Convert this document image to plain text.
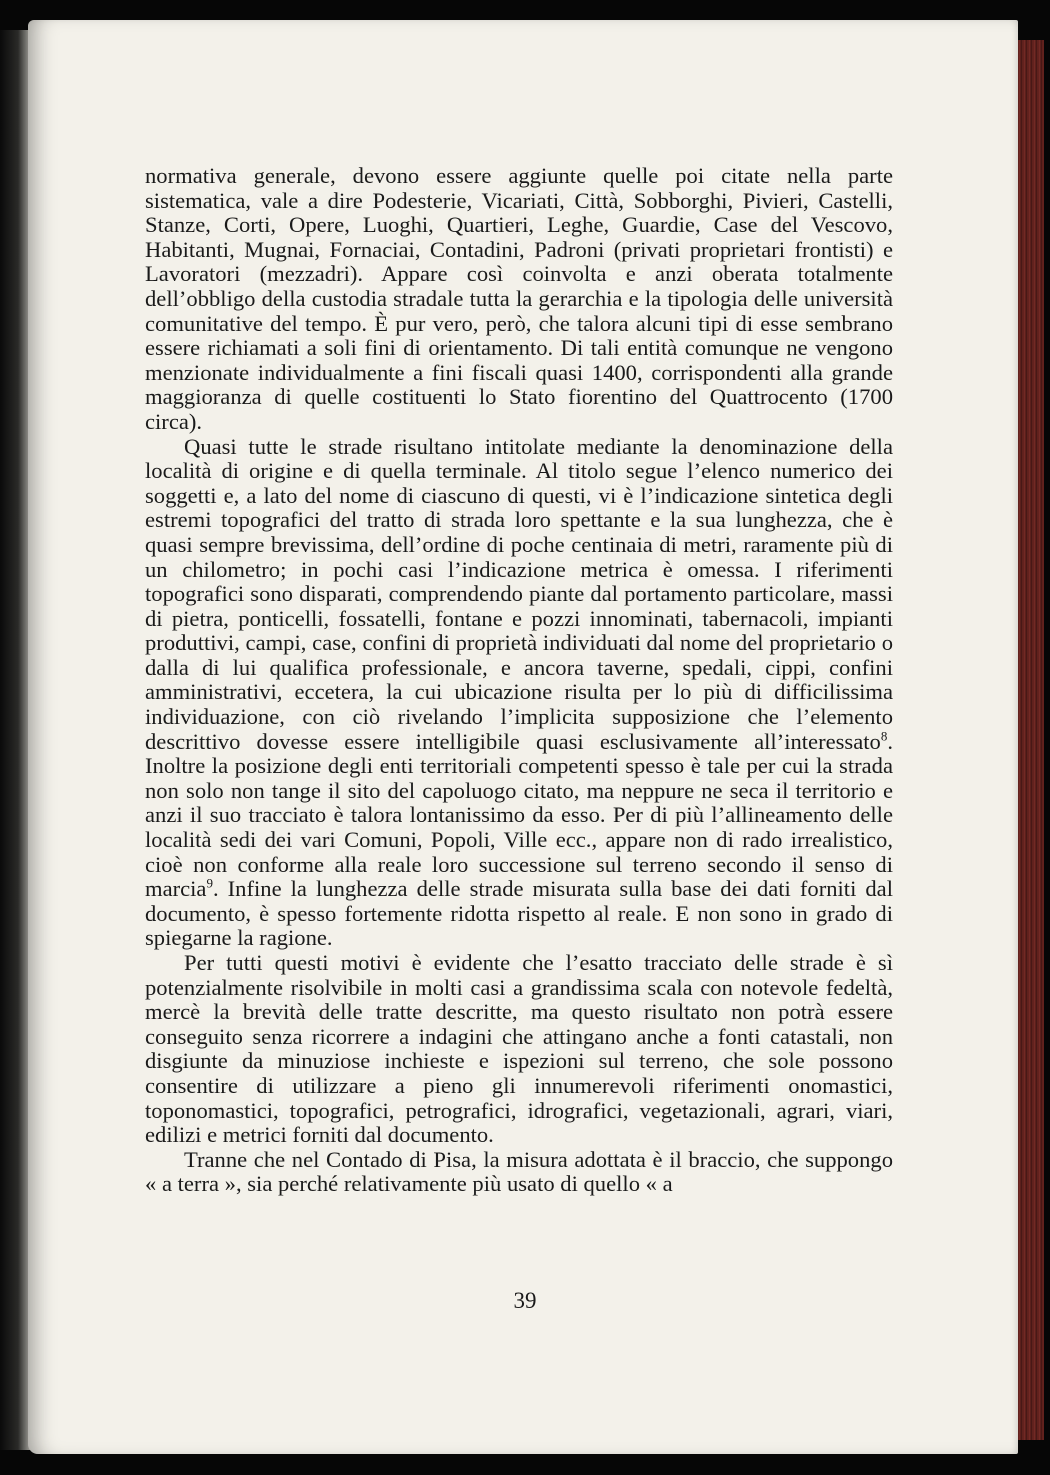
normativa generale, devono essere aggiunte quelle poi citate nella parte sistematica, vale a dire Podesterie, Vicariati, Città, Sobborghi, Pivieri, Castelli, Stanze, Corti, Opere, Luoghi, Quartieri, Leghe, Guardie, Case del Vescovo, Habitanti, Mugnai, Fornaciai, Contadini, Padroni (privati proprietari frontisti) e Lavoratori (mezzadri). Appare così coinvolta e anzi oberata totalmente dell’obbligo della custodia stradale tutta la gerarchia e la tipologia delle università comunitative del tempo. È pur vero, però, che talora alcuni tipi di esse sembrano essere richiamati a soli fini di orientamento. Di tali entità comunque ne vengono menzionate individualmente a fini fiscali quasi 1400, corrispondenti alla grande maggioranza di quelle costituenti lo Stato fiorentino del Quattrocento (1700 circa).

Quasi tutte le strade risultano intitolate mediante la denominazione della località di origine e di quella terminale. Al titolo segue l’elenco numerico dei soggetti e, a lato del nome di ciascuno di questi, vi è l’indicazione sintetica degli estremi topografici del tratto di strada loro spettante e la sua lunghezza, che è quasi sempre brevissima, dell’ordine di poche centinaia di metri, raramente più di un chilometro; in pochi casi l’indicazione metrica è omessa. I riferimenti topografici sono disparati, comprendendo piante dal portamento particolare, massi di pietra, ponticelli, fossatelli, fontane e pozzi innominati, tabernacoli, impianti produttivi, campi, case, confini di proprietà individuati dal nome del proprietario o dalla di lui qualifica professionale, e ancora taverne, spedali, cippi, confini amministrativi, eccetera, la cui ubicazione risulta per lo più di difficilissima individuazione, con ciò rivelando l’implicita supposizione che l’elemento descrittivo dovesse essere intelligibile quasi esclusivamente all’interessato$^8$. Inoltre la posizione degli enti territoriali competenti spesso è tale per cui la strada non solo non tange il sito del capoluogo citato, ma neppure ne seca il territorio e anzi il suo tracciato è talora lontanissimo da esso. Per di più l’allineamento delle località sedi dei vari Comuni, Popoli, Ville ecc., appare non di rado irrealistico, cioè non conforme alla reale loro successione sul terreno secondo il senso di marcia$^9$. Infine la lunghezza delle strade misurata sulla base dei dati forniti dal documento, è spesso fortemente ridotta rispetto al reale. E non sono in grado di spiegarne la ragione.

Per tutti questi motivi è evidente che l’esatto tracciato delle strade è sì potenzialmente risolvibile in molti casi a grandissima scala con notevole fedeltà, mercè la brevità delle tratte descritte, ma questo risultato non potrà essere conseguito senza ricorrere a indagini che attingano anche a fonti catastali, non disgiunte da minuziose inchieste e ispezioni sul terreno, che sole possono consentire di utilizzare a pieno gli innumerevoli riferimenti onomastici, toponomastici, topografici, petrografici, idrografici, vegetazionali, agrari, viari, edilizi e metrici forniti dal documento.

Tranne che nel Contado di Pisa, la misura adottata è il braccio, che suppongo « a terra », sia perché relativamente più usato di quello « a

39
